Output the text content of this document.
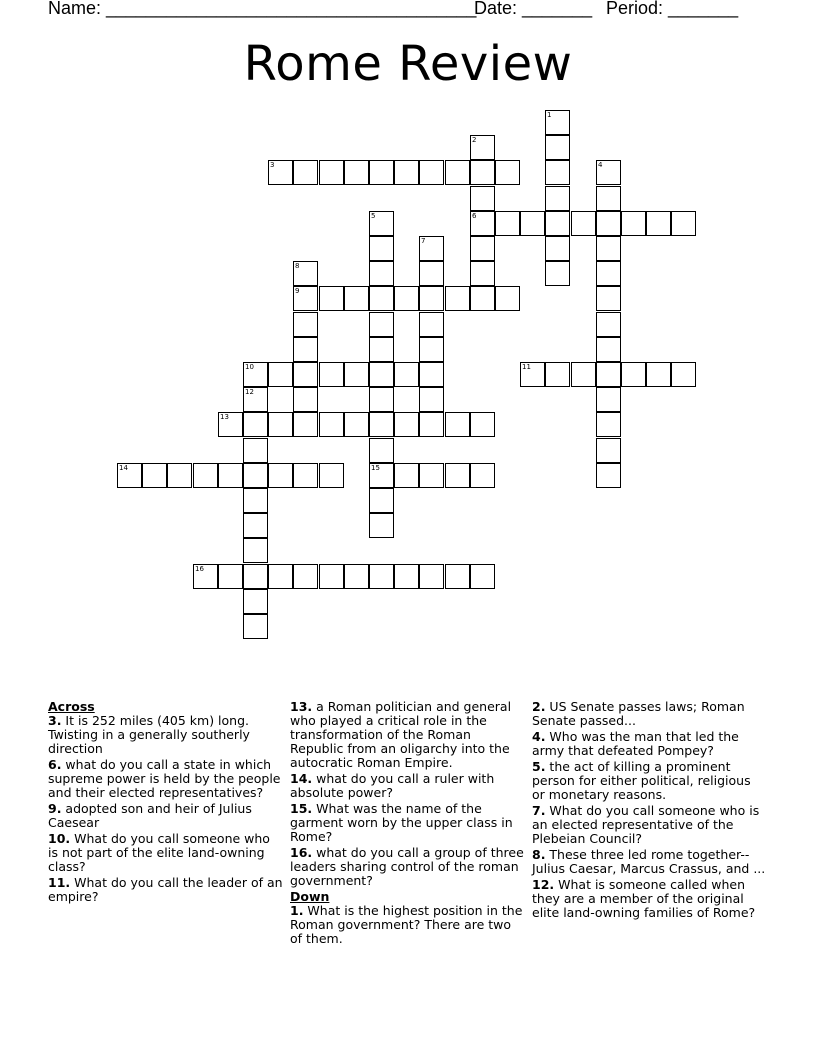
Name: _____________________________________
Date: _______ Period: _______
Rome Review
3
6
9
10	11
13
14	15
16
1
2
4
5
7
8
12
Across
3. It is 252 miles (405 km) long. Twisting in a generally southerly direction
6. what do you call a state in which supreme power is held by the people and their elected representatives?
9. adopted son and heir of Julius Caesear
10. What do you call someone who is not part of the elite land-owning class?
11. What do you call the leader of an empire?
13. a Roman politician and general who played a critical role in the transformation of the Roman Republic from an oligarchy into the autocratic Roman Empire.
14. what do you call a ruler with absolute power?
15. What was the name of the garment worn by the upper class in Rome?
16. what do you call a group of three leaders sharing control of the roman government?
Down
1. What is the highest position in the Roman government? There are two of them.
2. US Senate passes laws; Roman Senate passed...
4. Who was the man that led the army that defeated Pompey?
5. the act of killing a prominent person for either political, religious or monetary reasons.
7. What do you call someone who is an elected representative of the Plebeian Council?
8. These three led rome together--Julius Caesar, Marcus Crassus, and ...
12. What is someone called when they are a member of the original elite land-owning families of Rome?
